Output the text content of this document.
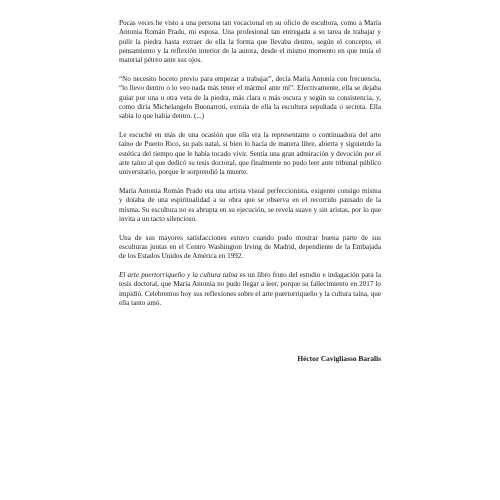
Pocas veces he visto a una persona tan vocacional en su oficio de escultora, como a María Antonia Román Prado, mi esposa. Una profesional tan entregada a su tarea de trabajar y pulir la piedra hasta extraer de ella la forma que llevaba dentro, según el concepto, el pensamiento y la reflexión interior de la autora, desde el mismo momento en que tenía el material pétreo ante sus ojos.

“No necesito boceto previo para empezar a trabajar”, decía María Antonia con frecuencia, “lo llevo dentro o lo veo nada más tener el mármol ante mí”. Efectivamente, ella se dejaba guiar por una u otra veta de la piedra, más clara o más oscura y según su consistencia, y, como diría Michelangelo Buonarroti, extraía de ella la escultura sepultada o secreta. Ella sabía lo que había dentro. (...)

Le escuché en más de una ocasión que ella era la representante o continuadora del arte taíno de Puerto Rico, su país natal, si bien lo hacía de manera libre, abierta y siguiendo la estética del tiempo que le había tocado vivir. Sentía una gran admiración y devoción por el arte taíno al que dedicó su tesis doctoral, que finalmente no pudo leer ante tribunal público universitario, porque le sorprendió la muerte.

María Antonia Román Prado era una artista visual perfeccionista, exigente consigo misma y dotaba de una espiritualidad a su obra que se observa en el recorrido pausado de la misma. Su escultura no es abrupta en su ejecución, se revela suave y sin aristas, por lo que invita a un tacto silencioso.

Una de sus mayores satisfacciones estuvo cuando pudo mostrar buena parte de sus esculturas juntas en el Centro Washington Irving de Madrid, dependiente de la Embajada de los Estados Unidos de América en 1992.

El arte puertorriqueño y la cultura taína es un libro fruto del estudio e indagación para la tesis doctoral, que María Antonia no pudo llegar a leer, porque su fallecimiento en 2017 lo impidió. Celebremos hoy sus reflexiones sobre el arte puertorriqueño y la cultura taína, que ella tanto amó.

Héctor Cavigliasso Baralis
